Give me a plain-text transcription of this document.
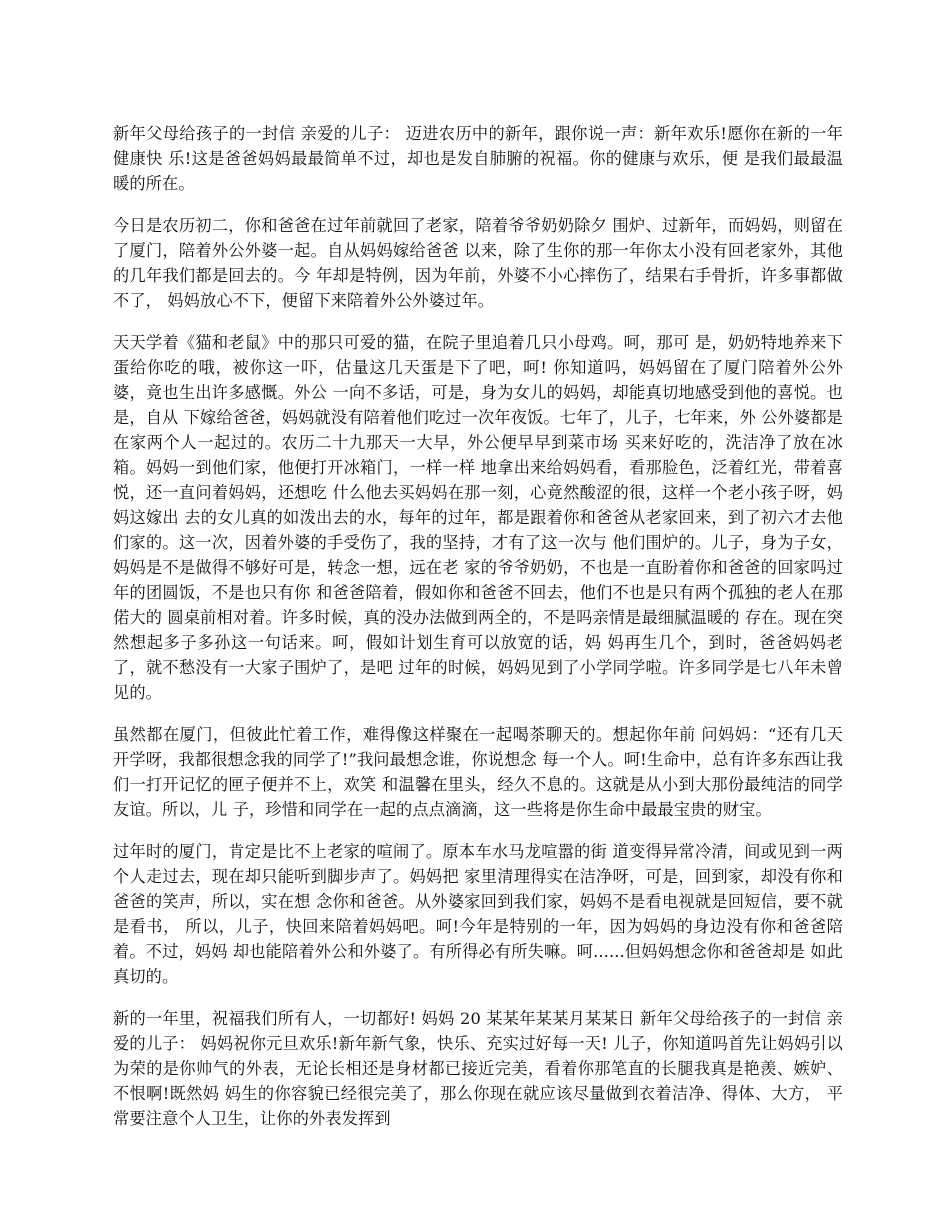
新年父母给孩子的一封信 亲爱的儿子： 迈进农历中的新年，跟你说一声：新年欢乐!愿你在新的一年健康快 乐!这是爸爸妈妈最最简单不过，却也是发自肺腑的祝福。你的健康与欢乐，便 是我们最最温暖的所在。

今日是农历初二，你和爸爸在过年前就回了老家，陪着爷爷奶奶除夕 围炉、过新年，而妈妈，则留在了厦门，陪着外公外婆一起。自从妈妈嫁给爸爸 以来，除了生你的那一年你太小没有回老家外，其他的几年我们都是回去的。今 年却是特例，因为年前，外婆不小心摔伤了，结果右手骨折，许多事都做不了， 妈妈放心不下，便留下来陪着外公外婆过年。

天天学着《猫和老鼠》中的那只可爱的猫，在院子里追着几只小母鸡。呵，那可 是，奶奶特地养来下蛋给你吃的哦，被你这一吓，估量这几天蛋是下了吧，呵! 你知道吗，妈妈留在了厦门陪着外公外婆，竟也生出许多感慨。外公 一向不多话，可是，身为女儿的妈妈，却能真切地感受到他的喜悦。也是，自从 下嫁给爸爸，妈妈就没有陪着他们吃过一次年夜饭。七年了，儿子，七年来，外 公外婆都是在家两个人一起过的。农历二十九那天一大早，外公便早早到菜市场 买来好吃的，洗洁净了放在冰箱。妈妈一到他们家，他便打开冰箱门，一样一样 地拿出来给妈妈看，看那脸色，泛着红光，带着喜悦，还一直问着妈妈，还想吃 什么他去买妈妈在那一刻，心竟然酸涩的很，这样一个老小孩子呀，妈妈这嫁出 去的女儿真的如泼出去的水，每年的过年，都是跟着你和爸爸从老家回来，到了初六才去他们家的。这一次，因着外婆的手受伤了，我的坚持，才有了这一次与 他们围炉的。儿子，身为子女，妈妈是不是做得不够好可是，转念一想，远在老 家的爷爷奶奶，不也是一直盼着你和爸爸的回家吗过年的团圆饭，不是也只有你 和爸爸陪着，假如你和爸爸不回去，他们不也是只有两个孤独的老人在那偌大的 圆桌前相对着。许多时候，真的没办法做到两全的，不是吗亲情是最细腻温暖的 存在。现在突然想起多子多孙这一句话来。呵，假如计划生育可以放宽的话，妈 妈再生几个，到时，爸爸妈妈老了，就不愁没有一大家子围炉了，是吧 过年的时候，妈妈见到了小学同学啦。许多同学是七八年未曾见的。

虽然都在厦门，但彼此忙着工作，难得像这样聚在一起喝茶聊天的。想起你年前 问妈妈：“还有几天开学呀，我都很想念我的同学了!”我问最想念谁，你说想念 每一个人。呵!生命中，总有许多东西让我们一打开记忆的匣子便并不上，欢笑 和温馨在里头，经久不息的。这就是从小到大那份最纯洁的同学友谊。所以，儿 子，珍惜和同学在一起的点点滴滴，这一些将是你生命中最最宝贵的财宝。

过年时的厦门，肯定是比不上老家的喧闹了。原本车水马龙喧嚣的街 道变得异常冷清，间或见到一两个人走过去，现在却只能听到脚步声了。妈妈把 家里清理得实在洁净呀，可是，回到家，却没有你和爸爸的笑声，所以，实在想 念你和爸爸。从外婆家回到我们家，妈妈不是看电视就是回短信，要不就是看书， 所以，儿子，快回来陪着妈妈吧。呵!今年是特别的一年，因为妈妈的身边没有你和爸爸陪着。不过，妈妈 却也能陪着外公和外婆了。有所得必有所失嘛。呵......但妈妈想念你和爸爸却是 如此真切的。

新的一年里，祝福我们所有人，一切都好! 妈妈 20 某某年某某月某某日 新年父母给孩子的一封信 亲爱的儿子： 妈妈祝你元旦欢乐!新年新气象，快乐、充实过好每一天! 儿子，你知道吗首先让妈妈引以为荣的是你帅气的外表，无论长相还是身材都已接近完美，看着你那笔直的长腿我真是艳羡、嫉妒、不恨啊!既然妈 妈生的你容貌已经很完美了，那么你现在就应该尽量做到衣着洁净、得体、大方， 平常要注意个人卫生，让你的外表发挥到
